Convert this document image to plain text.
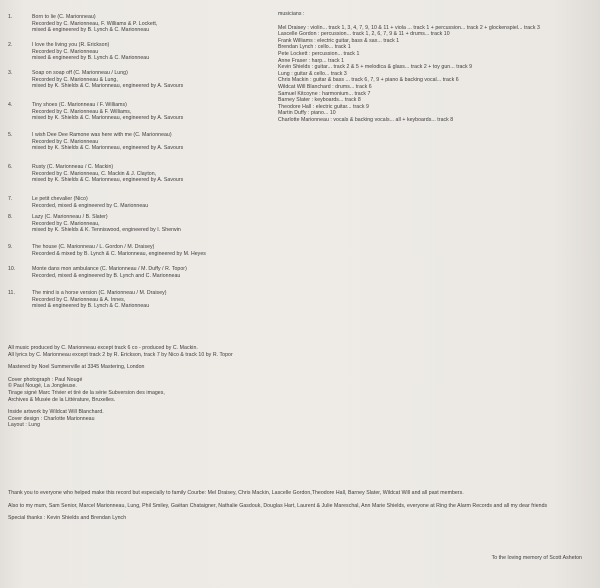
1.	Born to lie (C. Marionneau)
Recorded by C. Marionneau, F. Williams & P. Lockett,
mixed & engineered by B. Lynch & C. Marionneau
2.	I love the living you (R. Erickson)
Recorded by C. Marionneau
mixed & engineered by B. Lynch & C. Marionneau
3.	Soap on soap off (C. Marionneau / Lung)
Recorded by C. Marionneau & Lung,
mixed by K. Shields & C. Marionneau, engineered by A. Savours
4.	Tiny shoes (C. Marionneau / F. Williams)
Recorded by C. Marionneau & F. Williams,
mixed by K. Shields & C. Marionneau, engineered by A. Savours
5.	I wish Dee Dee Ramone was here with me (C. Marionneau)
Recorded by C. Marionneau
mixed by K. Shields & C. Marionneau, engineered by A. Savours
6.	Rusty (C. Marionneau / C. Mackin)
Recorded by C. Marionneau, C. Mackin & J. Clayton,
mixed by K. Shields & C. Marionneau, engineered by A. Savours
7.	Le petit chevalier (Nico)
Recorded, mixed & engineered by C. Marionneau
8.	Lazy (C. Marionneau / B. Slater)
Recorded by C. Marionneau,
mixed by K. Shields & K. Tenniswood, engineered by I. Sherwin
9.	The house (C. Marionneau / L. Gordon / M. Draisey)
Recorded & mixed by B. Lynch & C. Marionneau, engineered by M. Heyes
10.	Monte dans mon ambulance (C. Marionneau / M. Duffy / R. Topor)
Recorded, mixed & engineered by B. Lynch and C. Marionneau
11.	The mind is a horse version (C. Marionneau / M. Draisey)
Recorded by C. Marionneau & A. Innes,
mixed & engineered by B. Lynch & C. Marionneau
musicians :
Mel Draisey : violin... track 1, 3, 4, 7, 9, 10 & 11 + viola ... track 1 + percussion... track 2 + glockenspiel... track 3
Lascelle Gordon : percussion... track 1, 2, 6, 7, 9 & 11 + drums... track 10
Frank Williams : electric guitar, bass & sax... track 1
Brendan Lynch : cello... track 1
Pete Lockett : percussion... track 1
Anne Fraser : harp... track 1
Kevin Shields : guitar... track 2 & 5 + melodica & glass... track 2 + toy gun... track 9
Lung : guitar & cello... track 3
Chris Mackin : guitar & bass ... track 6, 7, 9 + piano & backing vocal... track 6
Wildcat Will Blanchard : drums... track 6
Samuel Kitcoyne : harmonium... track 7
Barney Slater : keyboards... track 8
Theodore Hall : electric guitar... track 9
Martin Duffy : piano... 10
Charlotte Marionneau : vocals & backing vocals... all + keyboards... track 8
All music produced by C. Marionneau except track 6 co - produced by C. Mackin.
All lyrics by C. Marionneau except track 2 by R. Erickson, track 7 by Nico & track 10 by R. Topor
Mastered by Noel Summerville at 3345 Mastering, London
Cover photograph : Paul Nougé
© Paul Nougé, La Jongleuse.
Tirage signé Marc Trivier et tiré de la série Subversion des images,
Archives & Musée de la Littérature, Bruxelles.
Inside artwork by Wildcat Will Blanchard.
Cover design : Charlotte Marionneau
Layout : Lung

Thank you to everyone who helped make this record but especially to family Courbe: Mel Draisey, Chris Mackin, Lascelle Gordon,Theodore Hall, Barney Slater, Wildcat Will and all past members.

Also to my mum, Sam Senior, Marcel Marionneau, Lung, Phil Smiley, Gaëtan Chataigner, Nathalie Gasdouk, Douglas Hart, Laurent & Julie Mareschal, Ann Marie Shields, everyone at Ring the Alarm Records and all my dear friends

Special thanks : Kevin Shields and Brendan Lynch

To the loving memory of Scott Asheton
